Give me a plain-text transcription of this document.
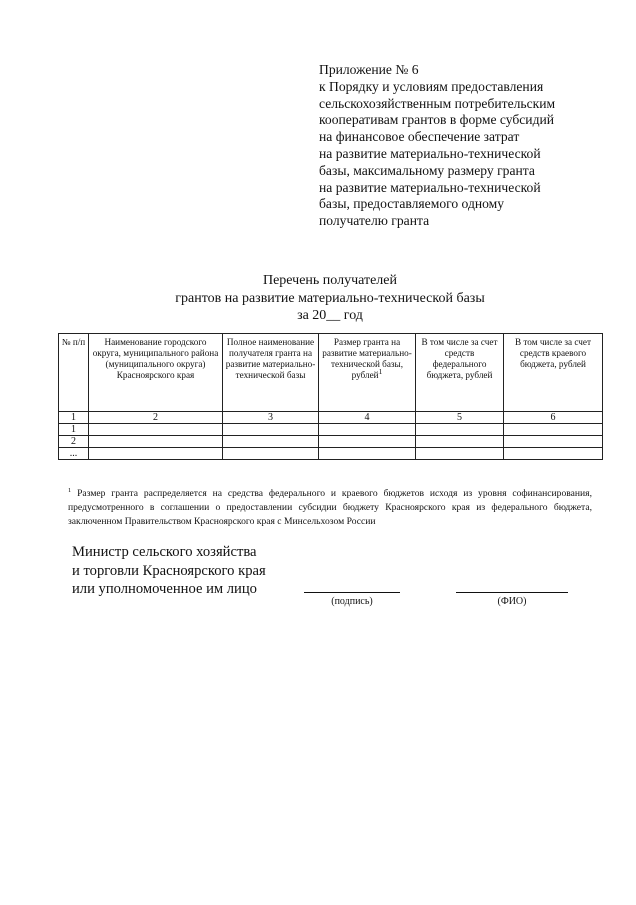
Приложение № 6
к Порядку и условиям предоставления
сельскохозяйственным потребительским
кооперативам грантов в форме субсидий
на финансовое обеспечение затрат
на развитие материально-технической
базы, максимальному размеру гранта
на развитие материально-технической
базы, предоставляемого одному
получателю гранта
Перечень получателей
грантов на развитие материально-технической базы
за 20__ год
№ п/п	Наименование городского округа, муниципального района (муниципального округа) Красноярского края	Полное наименование получателя гранта на развитие материально-технической базы	Размер гранта на развитие материально-технической базы, рублей$^1$	В том числе за счет средств федерального бюджета, рублей	В том числе за счет средств краевого бюджета, рублей
1	2	3	4	5	6
1					
2					
...					
$^1$ Размер гранта распределяется на средства федерального и краевого бюджетов исходя из уровня софинансирования, предусмотренного в соглашении о предоставлении субсидии бюджету Красноярского края из федерального бюджета, заключенном Правительством Красноярского края с Минсельхозом России
Министр сельского хозяйства
и торговли Красноярского края
или уполномоченное им лицо
(подпись)	(ФИО)
